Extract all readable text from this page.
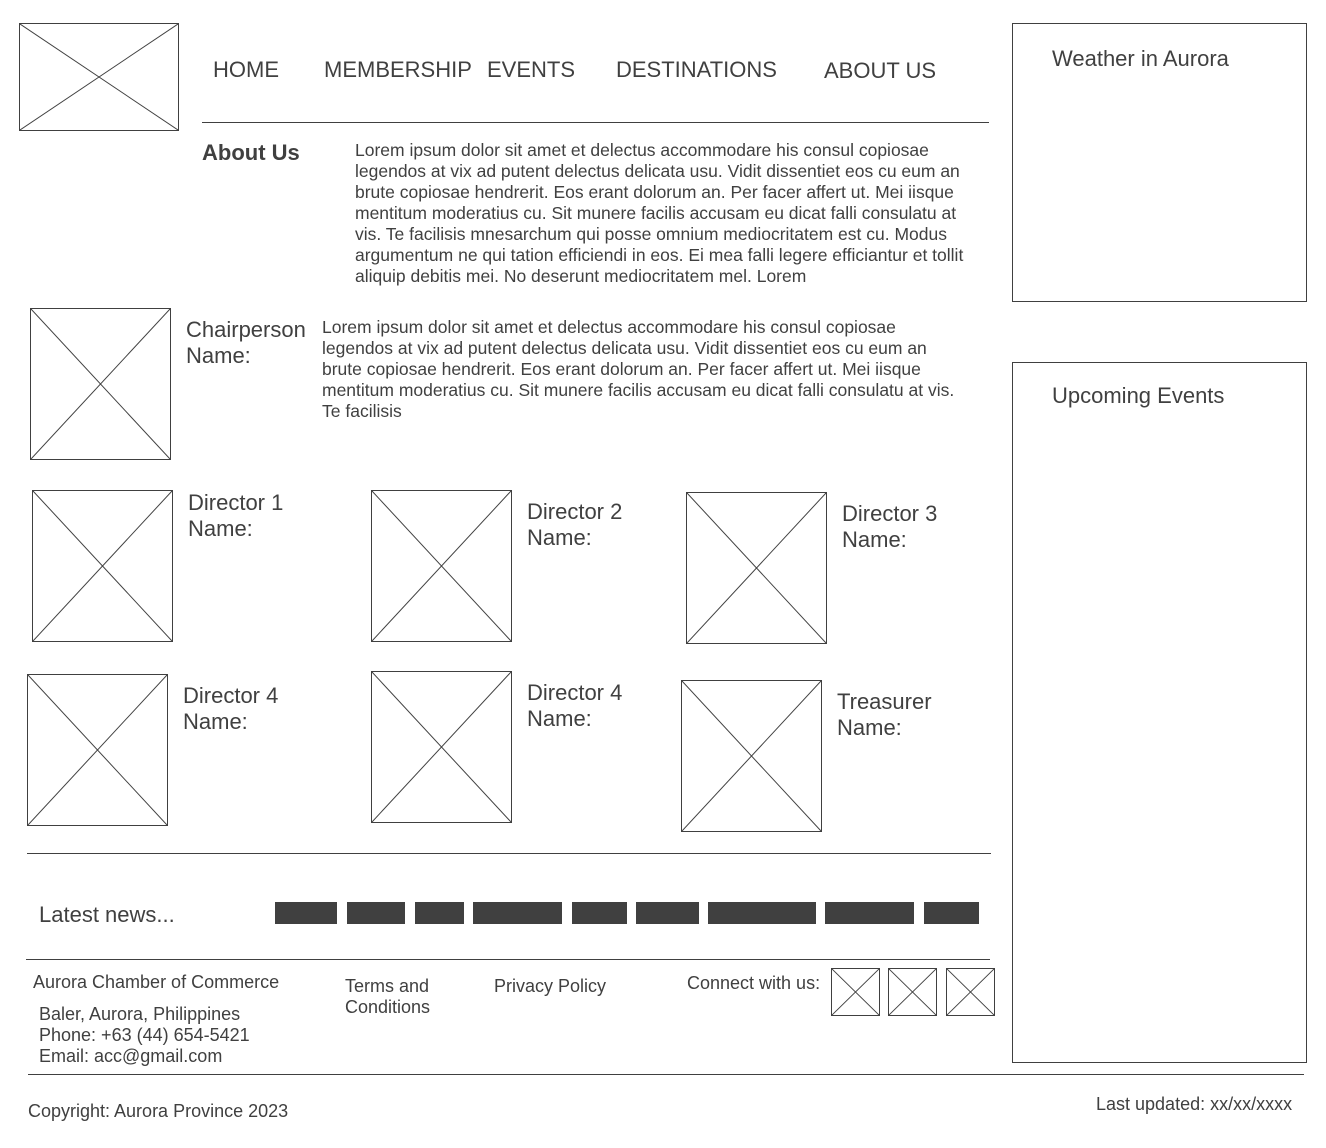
HOME MEMBERSHIP EVENTS DESTINATIONS ABOUT US
About Us	Lorem ipsum dolor sit amet et delectus accommodare his consul copiosae legendos at vix ad putent delectus delicata usu. Vidit dissentiet eos cu eum an brute copiosae hendrerit. Eos erant dolorum an. Per facer affert ut. Mei iisque mentitum moderatius cu. Sit munere facilis accusam eu dicat falli consulatu at vis. Te facilisis mnesarchum qui posse omnium mediocritatem est cu. Modus argumentum ne qui tation efficiendi in eos. Ei mea falli legere efficiantur et tollit aliquip debitis mei. No deserunt mediocritatem mel. Lorem
Chairperson
Name:
Lorem ipsum dolor sit amet et delectus accommodare his consul copiosae legendos at vix ad putent delectus delicata usu. Vidit dissentiet eos cu eum an brute copiosae hendrerit. Eos erant dolorum an. Per facer affert ut. Mei iisque mentitum moderatius cu. Sit munere facilis accusam eu dicat falli consulatu at vis. Te facilisis
Director 1
Name:
Director 2
Name:
Director 3
Name:
Director 4
Name:
Director 4
Name:
Treasurer
Name:
Latest news...
Weather in Aurora
Upcoming Events
Aurora Chamber of Commerce
Baler, Aurora, Philippines
Phone: +63 (44) 654-5421
Email: acc@gmail.com
Terms and
Conditions
Privacy Policy	Connect with us:
Copyright: Aurora Province 2023	Last updated: xx/xx/xxxx
